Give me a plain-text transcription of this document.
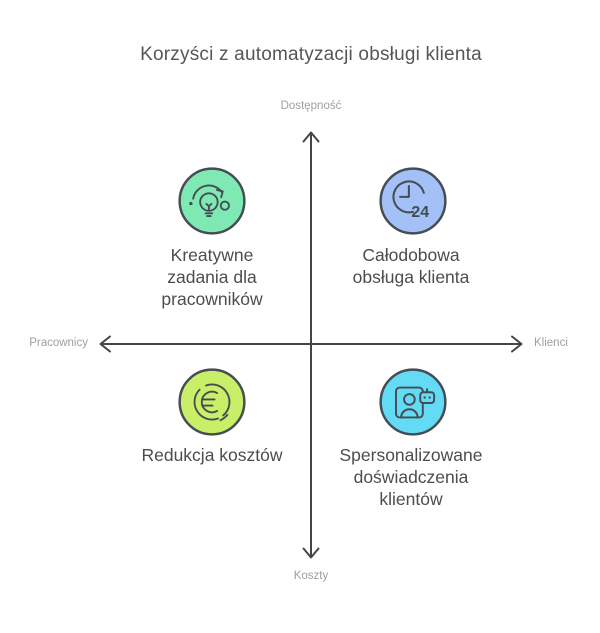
Korzyści z automatyzacji obsługi klienta
Dostępność
Koszty
Pracownicy	Klienci
24
Kreatywne
zadania dla
pracowników
Całodobowa
obsługa klienta
Redukcja kosztów	Spersonalizowane
doświadczenia
klientów
